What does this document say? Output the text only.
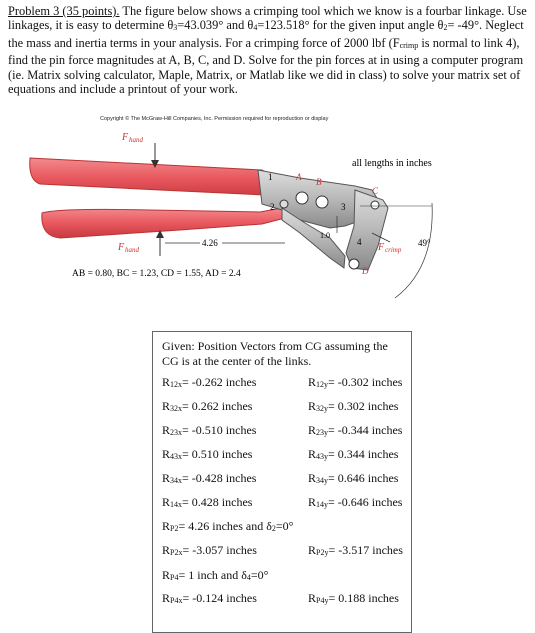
Problem 3 (35 points). The figure below shows a crimping tool which we know is a fourbar linkage. Use linkages, it is easy to determine $\theta_3=43.039^\circ$ and $\theta_4=123.518^\circ$ for the given input angle $\theta_2= -49^\circ$. Neglect the mass and inertia terms in your analysis. For a crimping force of 2000 lbf ($F_{crimp}$ is normal to link 4), find the pin force magnitudes at A, B, C, and D. Solve for the pin forces at in using a computer program (ie. Matrix solving calculator, Maple, Matrix, or Matlab like we did in class) to solve your matrix set of equations and include a printout of your work.
Copyright © The McGraw-Hill Companies, Inc. Permission required for reproduction or display
F hand
F hand
4.26
1.0
F crimp
49°
all lengths in inches
1
2	3
4
A B
C
D
AB = 0.80, BC = 1.23, CD = 1.55, AD = 2.4
Given: Position Vectors from CG assuming the CG is at the center of the links.
$R_{12x}= -0.262$ inches	$R_{12y}= -0.302$ inches
$R_{32x}= 0.262$ inches	$R_{32y}= 0.302$ inches
$R_{23x}= -0.510$ inches	$R_{23y}= -0.344$ inches
$R_{43x}= 0.510$ inches	$R_{43y}= 0.344$ inches
$R_{34x}= -0.428$ inches	$R_{34y}= 0.646$ inches
$R_{14x}= 0.428$ inches	$R_{14y}= -0.646$ inches
$R_{P2}= 4.26$ inches and $\delta_2=0^\circ$
$R_{P2x}= -3.057$ inches	$R_{P2y}= -3.517$ inches
$R_{P4}= 1$ inch and $\delta_4=0^\circ$
$R_{P4x}= -0.124$ inches	$R_{P4y}= 0.188$ inches
